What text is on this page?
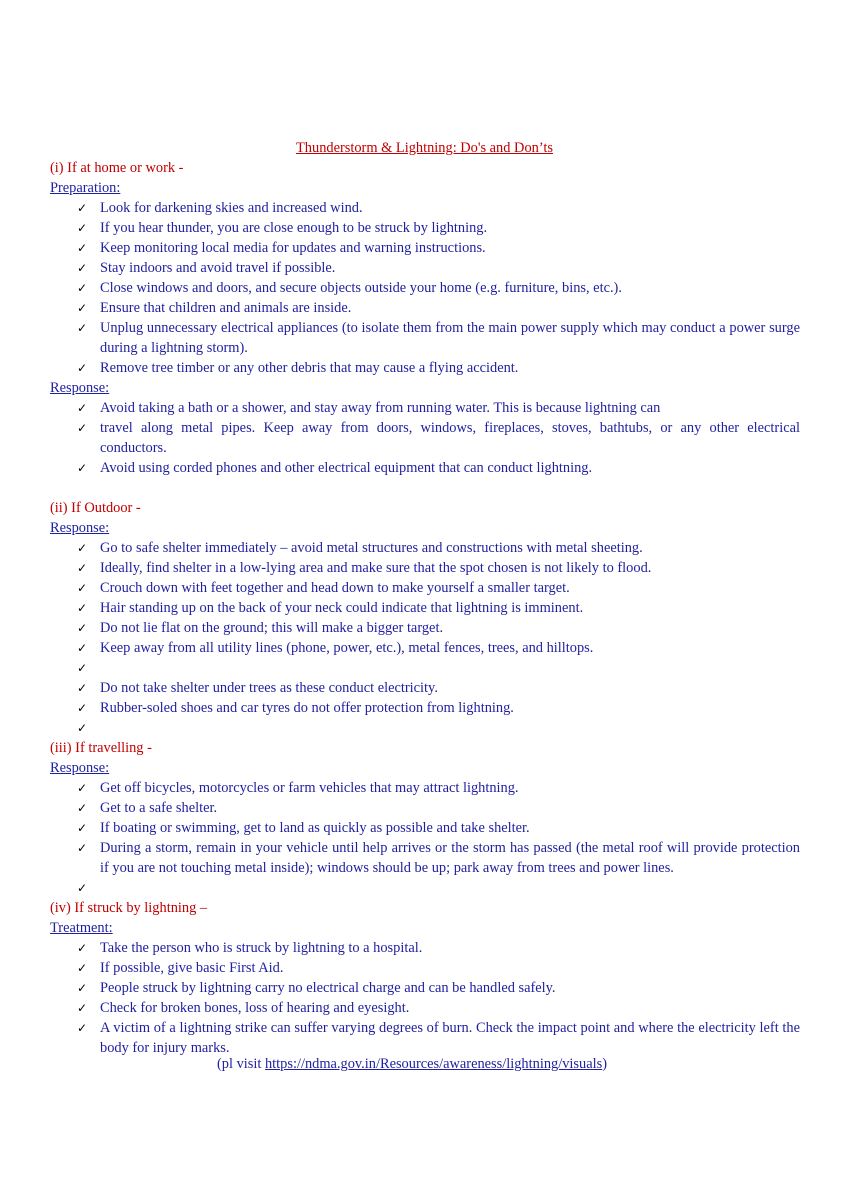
Thunderstorm & Lightning: Do's and Don’ts
(i) If at home or work -
Preparation:
✓ Look for darkening skies and increased wind.
✓ If you hear thunder, you are close enough to be struck by lightning.
✓ Keep monitoring local media for updates and warning instructions.
✓ Stay indoors and avoid travel if possible.
✓ Close windows and doors, and secure objects outside your home (e.g. furniture, bins, etc.).
✓ Ensure that children and animals are inside.
✓ Unplug unnecessary electrical appliances (to isolate them from the main power supply which may conduct a power surge during a lightning storm).
✓ Remove tree timber or any other debris that may cause a flying accident.
Response:
✓ Avoid taking a bath or a shower, and stay away from running water. This is because lightning can
✓ travel along metal pipes. Keep away from doors, windows, fireplaces, stoves, bathtubs, or any other electrical conductors.
✓ Avoid using corded phones and other electrical equipment that can conduct lightning.
(ii) If Outdoor -
Response:
✓ Go to safe shelter immediately – avoid metal structures and constructions with metal sheeting.
✓ Ideally, find shelter in a low-lying area and make sure that the spot chosen is not likely to flood.
✓ Crouch down with feet together and head down to make yourself a smaller target.
✓ Hair standing up on the back of your neck could indicate that lightning is imminent.
✓ Do not lie flat on the ground; this will make a bigger target.
✓ Keep away from all utility lines (phone, power, etc.), metal fences, trees, and hilltops.
✓
✓ Do not take shelter under trees as these conduct electricity.
✓ Rubber-soled shoes and car tyres do not offer protection from lightning.
✓
(iii) If travelling -
Response:
✓ Get off bicycles, motorcycles or farm vehicles that may attract lightning.
✓ Get to a safe shelter.
✓ If boating or swimming, get to land as quickly as possible and take shelter.
✓ During a storm, remain in your vehicle until help arrives or the storm has passed (the metal roof will provide protection if you are not touching metal inside); windows should be up; park away from trees and power lines.
✓
(iv) If struck by lightning –
Treatment:
✓ Take the person who is struck by lightning to a hospital.
✓ If possible, give basic First Aid.
✓ People struck by lightning carry no electrical charge and can be handled safely.
✓ Check for broken bones, loss of hearing and eyesight.
✓ A victim of a lightning strike can suffer varying degrees of burn. Check the impact point and where the electricity left the body for injury marks.
(pl visit https://ndma.gov.in/Resources/awareness/lightning/visuals)
